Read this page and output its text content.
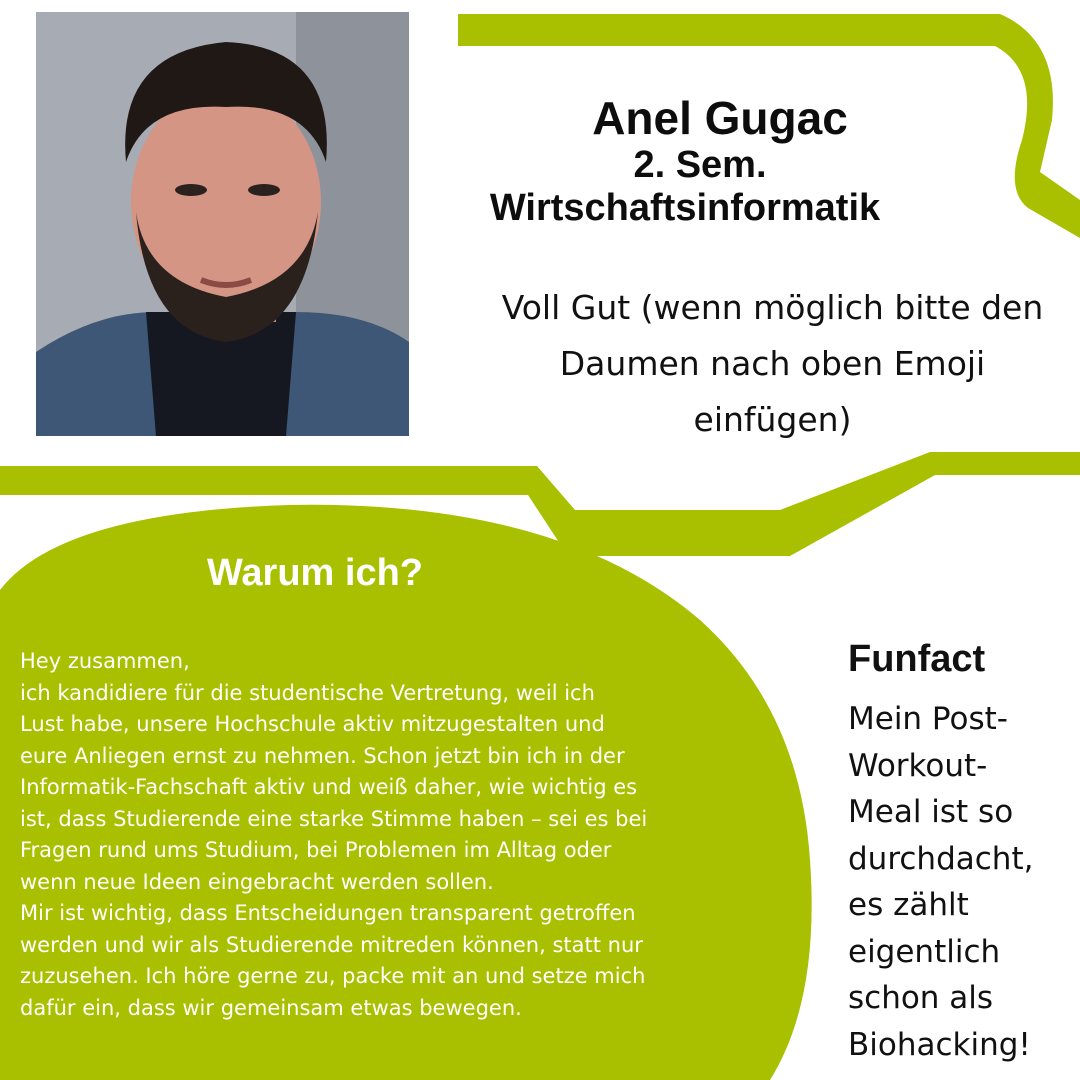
Anel Gugac
2. Sem.
Wirtschaftsinformatik
Voll Gut (wenn möglich bitte den Daumen nach oben Emoji einfügen)
Warum ich?
Hey zusammen,
ich kandidiere für die studentische Vertretung, weil ich
Lust habe, unsere Hochschule aktiv mitzugestalten und
eure Anliegen ernst zu nehmen. Schon jetzt bin ich in der
Informatik-Fachschaft aktiv und weiß daher, wie wichtig es
ist, dass Studierende eine starke Stimme haben – sei es bei
Fragen rund ums Studium, bei Problemen im Alltag oder
wenn neue Ideen eingebracht werden sollen.
Mir ist wichtig, dass Entscheidungen transparent getroffen
werden und wir als Studierende mitreden können, statt nur
zuzusehen. Ich höre gerne zu, packe mit an und setze mich
dafür ein, dass wir gemeinsam etwas bewegen.
Funfact
Mein Post-
Workout-
Meal ist so
durchdacht,
es zählt
eigentlich
schon als
Biohacking!
